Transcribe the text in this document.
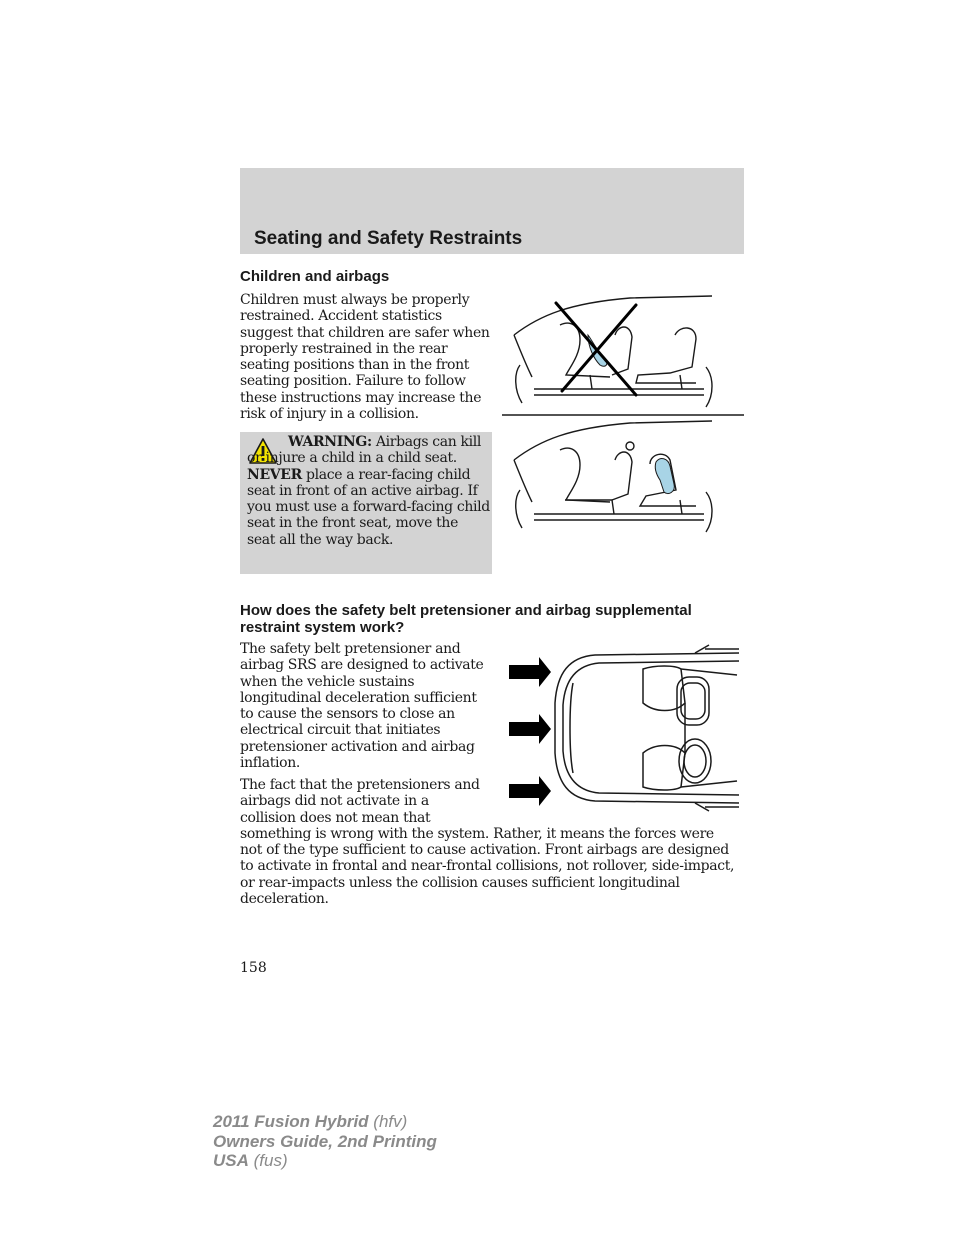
Seating and Safety Restraints
Children and airbags

Children must always be properly restrained. Accident statistics suggest that children are safer when properly restrained in the rear seating positions than in the front seating position. Failure to follow these instructions may increase the risk of injury in a collision.

WARNING: Airbags can kill or injure a child in a child seat. NEVER place a rear-facing child seat in front of an active airbag. If you must use a forward-facing child seat in the front seat, move the seat all the way back.

How does the safety belt pretensioner and airbag supplemental restraint system work?

The safety belt pretensioner and airbag SRS are designed to activate when the vehicle sustains longitudinal deceleration sufficient to cause the sensors to close an electrical circuit that initiates pretensioner activation and airbag inflation.

The fact that the pretensioners and airbags did not activate in a collision does not mean that something is wrong with the system. Rather, it means the forces were not of the type sufficient to cause activation. Front airbags are designed to activate in frontal and near-frontal collisions, not rollover, side-impact, or rear-impacts unless the collision causes sufficient longitudinal deceleration.

158

2011 Fusion Hybrid (hfv)
Owners Guide, 2nd Printing
USA (fus)
